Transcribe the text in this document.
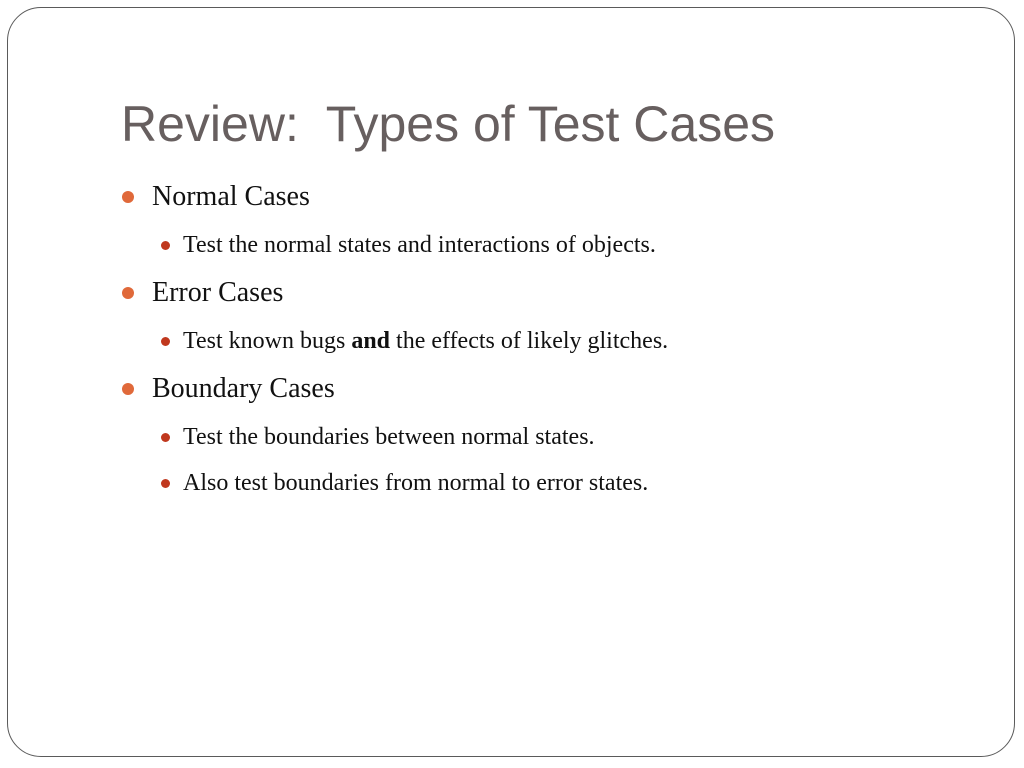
Review:  Types of Test Cases
Normal Cases
Test the normal states and interactions of objects.
Error Cases
Test known bugs and the effects of likely glitches.
Boundary Cases
Test the boundaries between normal states.
Also test boundaries from normal to error states.
